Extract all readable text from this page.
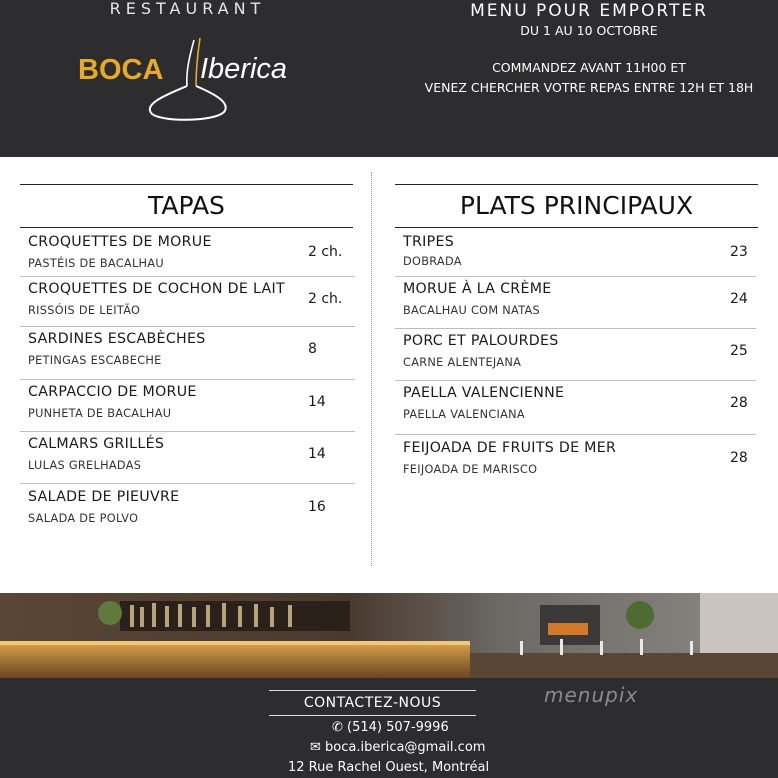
RESTAURANT
BOCA Iberica
MENU POUR EMPORTER
DU 1 AU 10 OCTOBRE
COMMANDEZ AVANT 11H00 ET
VENEZ CHERCHER VOTRE REPAS ENTRE 12H ET 18H
TAPAS
CROQUETTES DE MORUE
PASTÉIS DE BACALHAU
2 ch.
CROQUETTES DE COCHON DE LAIT
RISSÓIS DE LEITÃO
2 ch.
SARDINES ESCABÈCHES
PETINGAS ESCABECHE
8
CARPACCIO DE MORUE
PUNHETA DE BACALHAU
14
CALMARS GRILLÉS
LULAS GRELHADAS
14
SALADE DE PIEUVRE
SALADA DE POLVO
16
PLATS PRINCIPAUX
TRIPES
DOBRADA
23
MORUE À LA CRÈME
BACALHAU COM NATAS
24
PORC ET PALOURDES
CARNE ALENTEJANA
25
PAELLA VALENCIENNE
PAELLA VALENCIANA
28
FEIJOADA DE FRUITS DE MER
FEIJOADA DE MARISCO
28
CONTACTEZ-NOUS
✆ (514) 507-9996
✉ boca.iberica@gmail.com
12 Rue Rachel Ouest, Montréal
menupix
